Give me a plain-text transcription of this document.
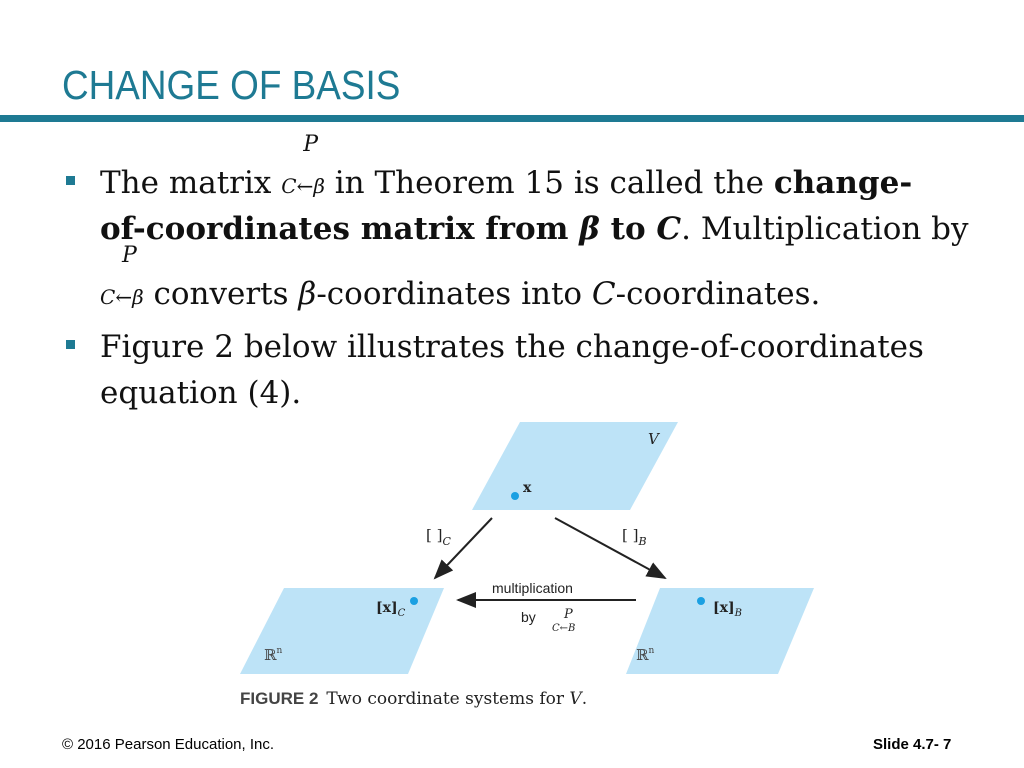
CHANGE OF BASIS
The matrix
P
C←β in Theorem 15 is called the change-
of-coordinates matrix from β to C. Multiplication by
P
C←β converts β-coordinates into C-coordinates.
Figure 2 below illustrates the change-of-coordinates
equation (4).
V
x
$[x]_C$
ℝ$^n$
$[x]_B$
ℝ$^n$
[ ]$_C$	[ ]$_B$
multiplication
by P
C←B
FIGURE 2 Two coordinate systems for V.
© 2016 Pearson Education, Inc.	Slide 4.7- 7
